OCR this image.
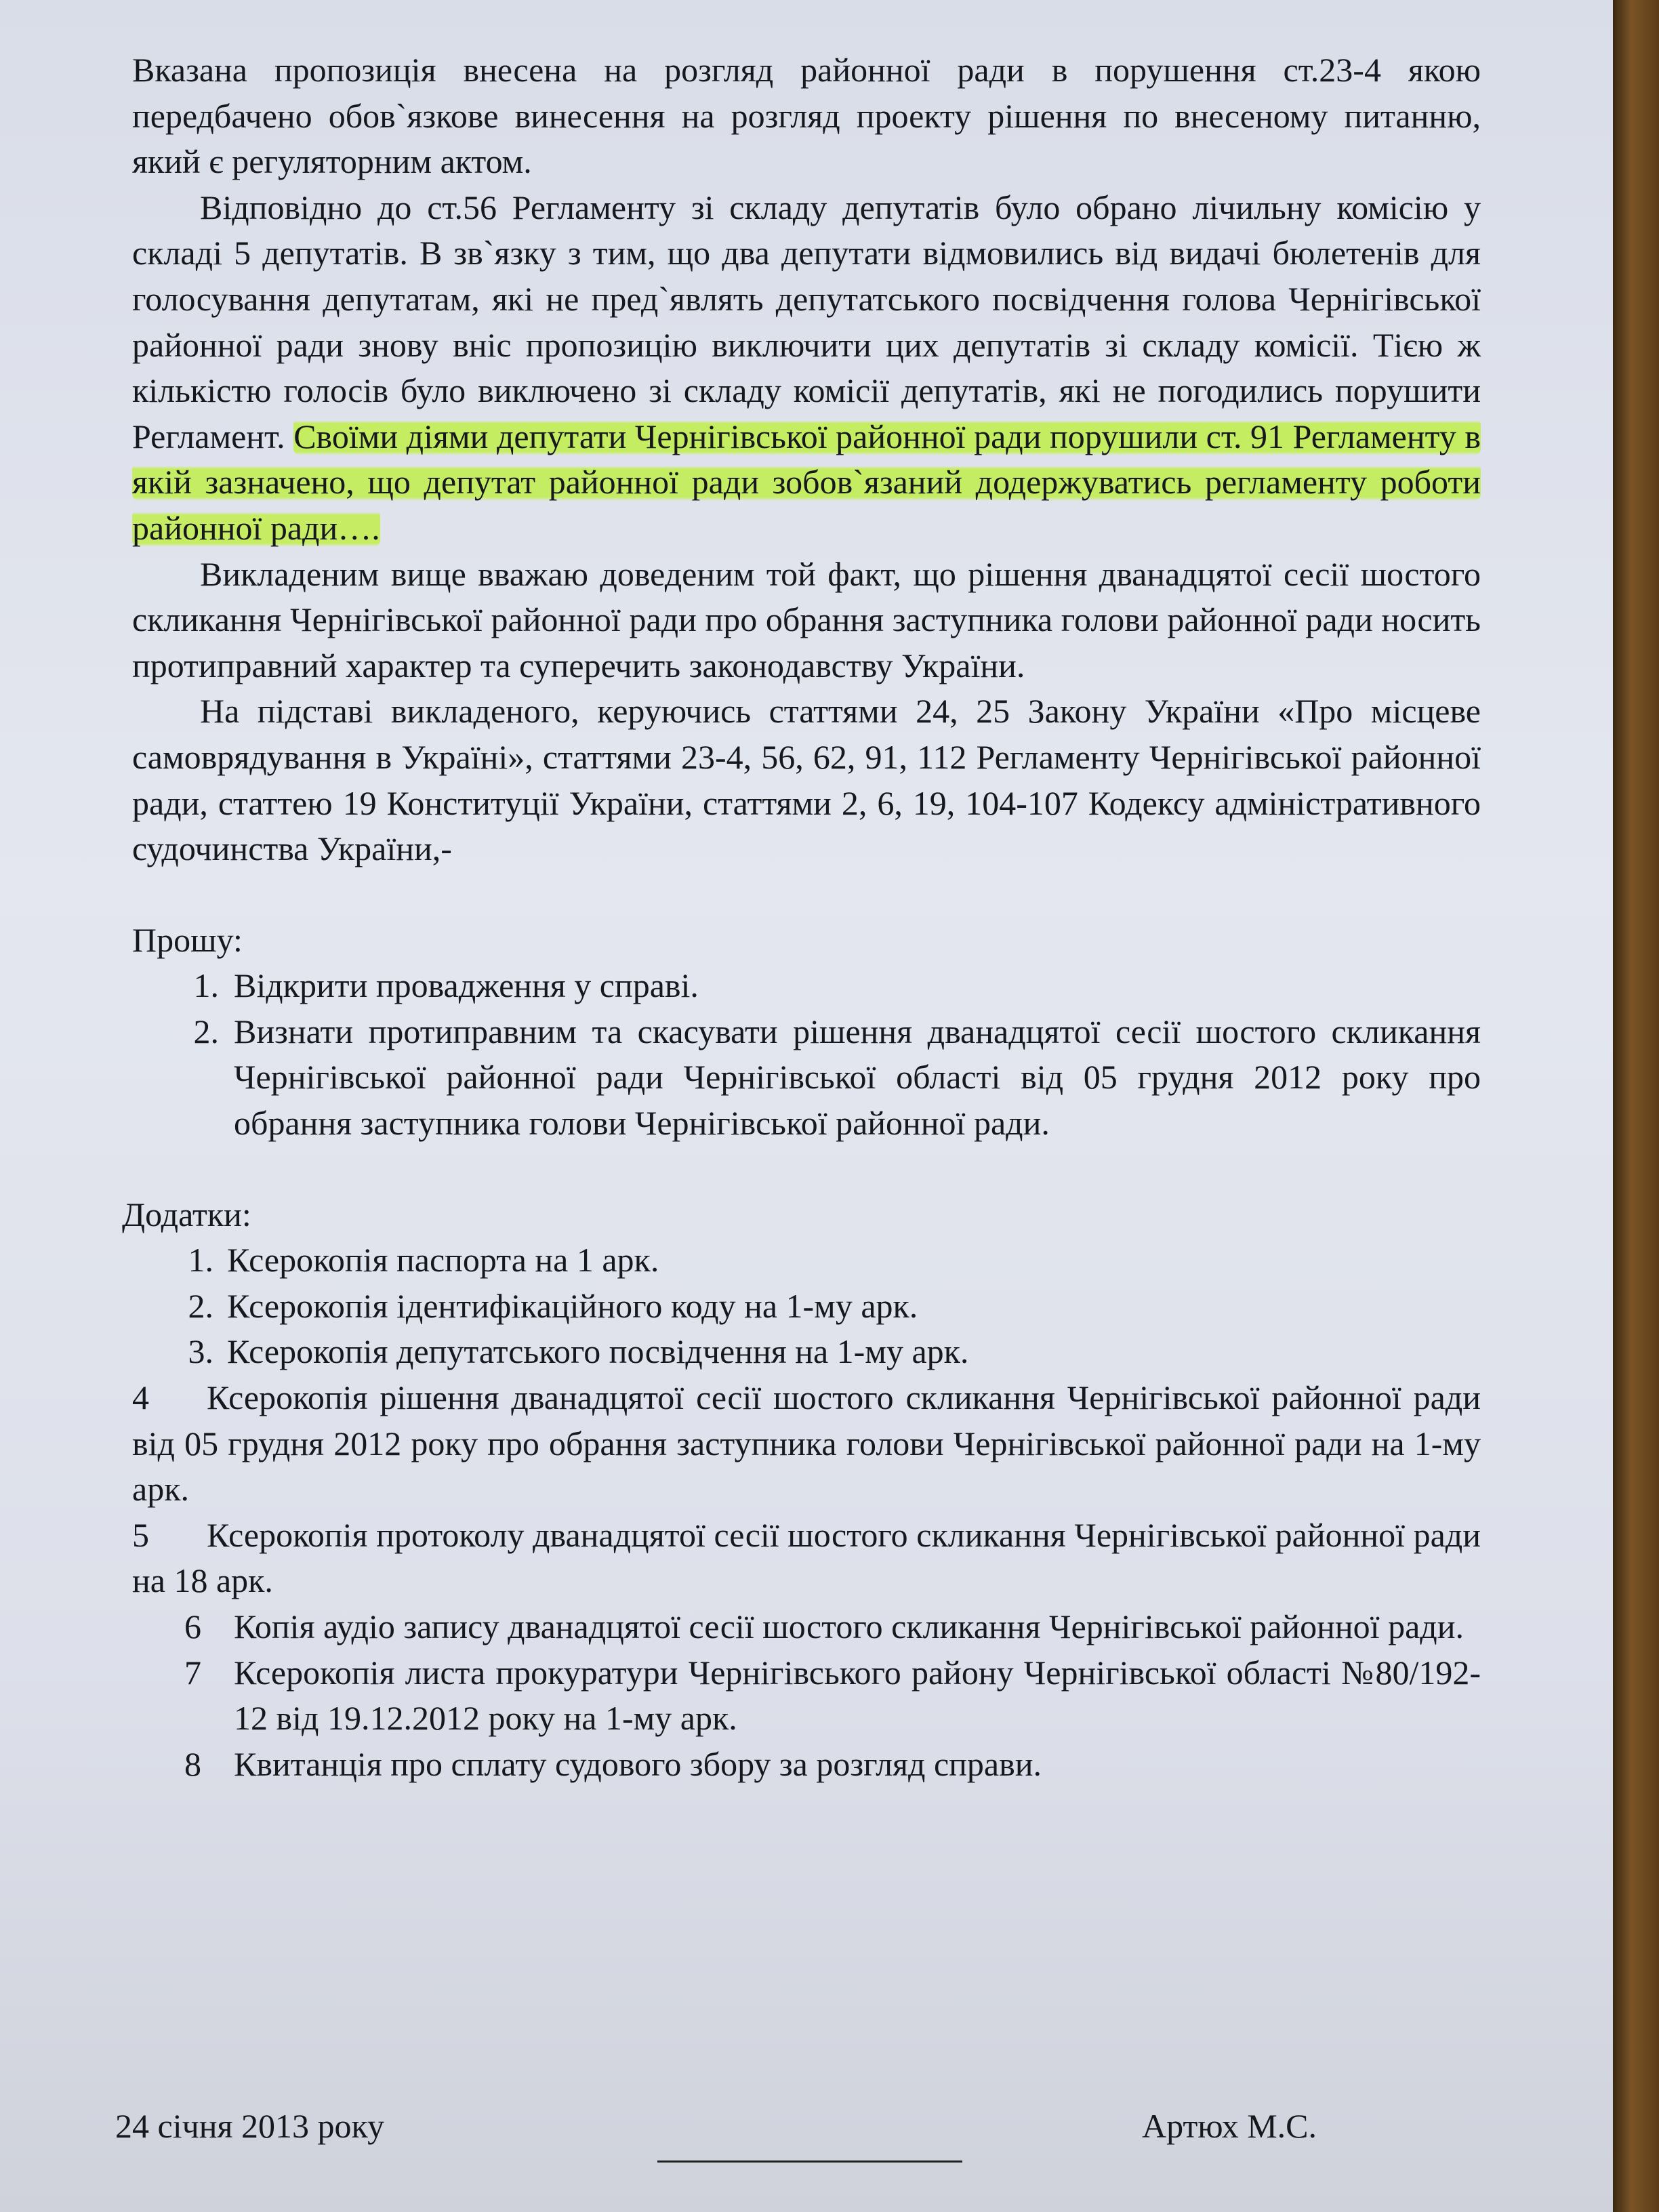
Вказана пропозиція внесена на розгляд районної ради в порушення ст.23-4 якою передбачено обов`язкове винесення на розгляд проекту рішення по внесеному питанню, який є регуляторним актом.

Відповідно до ст.56 Регламенту зі складу депутатів було обрано лічильну комісію у складі 5 депутатів. В зв`язку з тим, що два депутати відмовились від видачі бюлетенів для голосування депутатам, які не пред`являть депутатського посвідчення голова Чернігівської районної ради знову вніс пропозицію виключити цих депутатів зі складу комісії. Тією ж кількістю голосів було виключено зі складу комісії депутатів, які не погодились порушити Регламент. Своїми діями депутати Чернігівської районної ради порушили ст. 91 Регламенту в якій зазначено, що депутат районної ради зобов`язаний додержуватись регламенту роботи районної ради….

Викладеним вище вважаю доведеним той факт, що рішення дванадцятої сесії шостого скликання Чернігівської районної ради про обрання заступника голови районної ради носить протиправний характер та суперечить законодавству України.

На підставі викладеного, керуючись статтями 24, 25 Закону України «Про місцеве самоврядування в Україні», статтями 23-4, 56, 62, 91, 112 Регламенту Чернігівської районної ради, статтею 19 Конституції України, статтями 2, 6, 19, 104-107 Кодексу адміністративного судочинства України,-

Прошу:

1. Відкрити провадження у справі.
2. Визнати протиправним та скасувати рішення дванадцятої сесії шостого скликання Чернігівської районної ради Чернігівської області від 05 грудня 2012 року про обрання заступника голови Чернігівської районної ради.

Додатки:

1. Ксерокопія паспорта на 1 арк.
2. Ксерокопія ідентифікаційного коду на 1-му арк.
3. Ксерокопія депутатського посвідчення на 1-му арк.

4 Ксерокопія рішення дванадцятої сесії шостого скликання Чернігівської районної ради від 05 грудня 2012 року про обрання заступника голови Чернігівської районної ради на 1-му арк.

5 Ксерокопія протоколу дванадцятої сесії шостого скликання Чернігівської районної ради на 18 арк.

6 Копія аудіо запису дванадцятої сесії шостого скликання Чернігівської районної ради.
7 Ксерокопія листа прокуратури Чернігівського району Чернігівської області №80/192-12 від 19.12.2012 року на 1-му арк.
8 Квитанція про сплату судового збору за розгляд справи.
24 січня 2013 року	Артюх М.С.
